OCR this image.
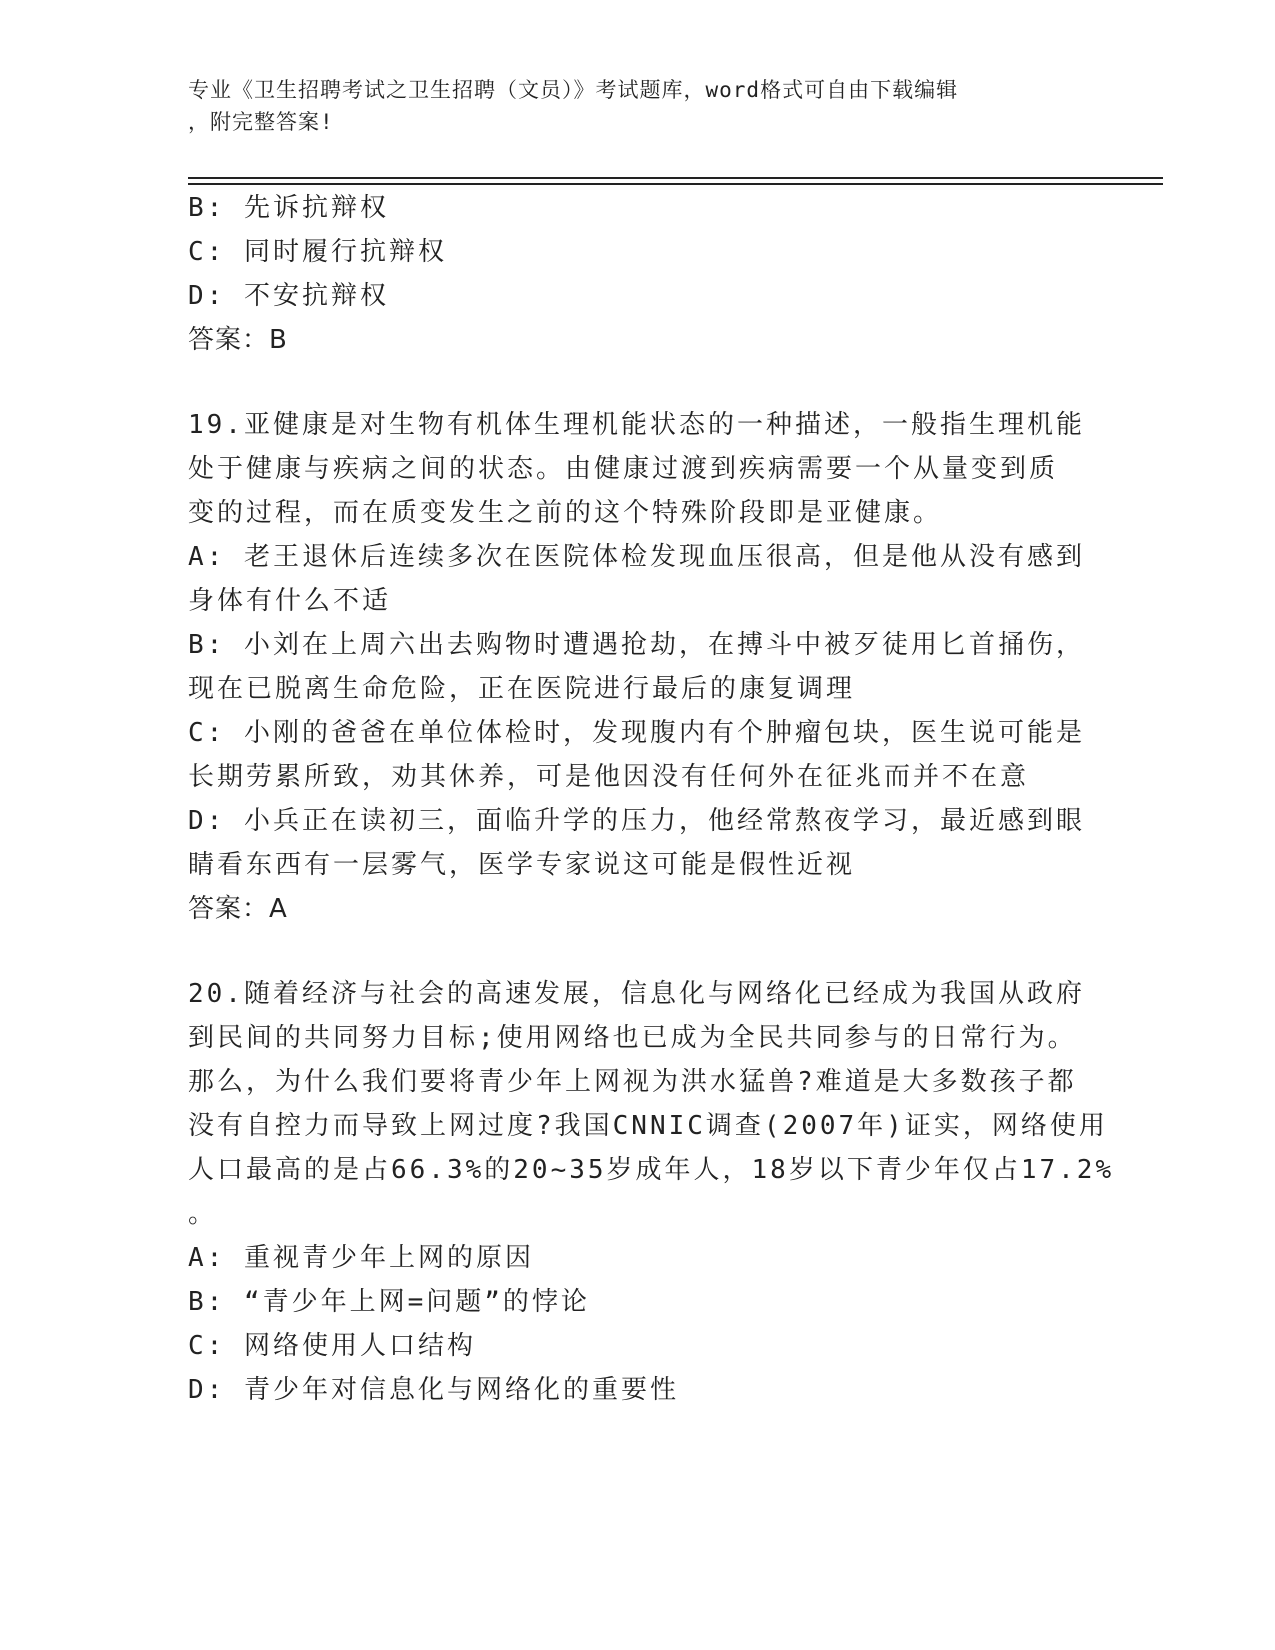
专业《卫生招聘考试之卫生招聘（文员）》考试题库，word格式可自由下载编辑
，附完整答案!
B: 先诉抗辩权
C: 同时履行抗辩权
D: 不安抗辩权
答案：B
19.亚健康是对生物有机体生理机能状态的一种描述，一般指生理机能
处于健康与疾病之间的状态。由健康过渡到疾病需要一个从量变到质
变的过程，而在质变发生之前的这个特殊阶段即是亚健康。
A: 老王退休后连续多次在医院体检发现血压很高，但是他从没有感到
身体有什么不适
B: 小刘在上周六出去购物时遭遇抢劫，在搏斗中被歹徒用匕首捅伤，
现在已脱离生命危险，正在医院进行最后的康复调理
C: 小刚的爸爸在单位体检时，发现腹内有个肿瘤包块，医生说可能是
长期劳累所致，劝其休养，可是他因没有任何外在征兆而并不在意
D: 小兵正在读初三，面临升学的压力，他经常熬夜学习，最近感到眼
睛看东西有一层雾气，医学专家说这可能是假性近视
答案：A
20.随着经济与社会的高速发展，信息化与网络化已经成为我国从政府
到民间的共同努力目标;使用网络也已成为全民共同参与的日常行为。
那么，为什么我们要将青少年上网视为洪水猛兽?难道是大多数孩子都
没有自控力而导致上网过度?我国CNNIC调查(2007年)证实，网络使用
人口最高的是占66.3%的20~35岁成年人，18岁以下青少年仅占17.2%
。
A: 重视青少年上网的原因
B: “青少年上网=问题”的悖论
C: 网络使用人口结构
D: 青少年对信息化与网络化的重要性
